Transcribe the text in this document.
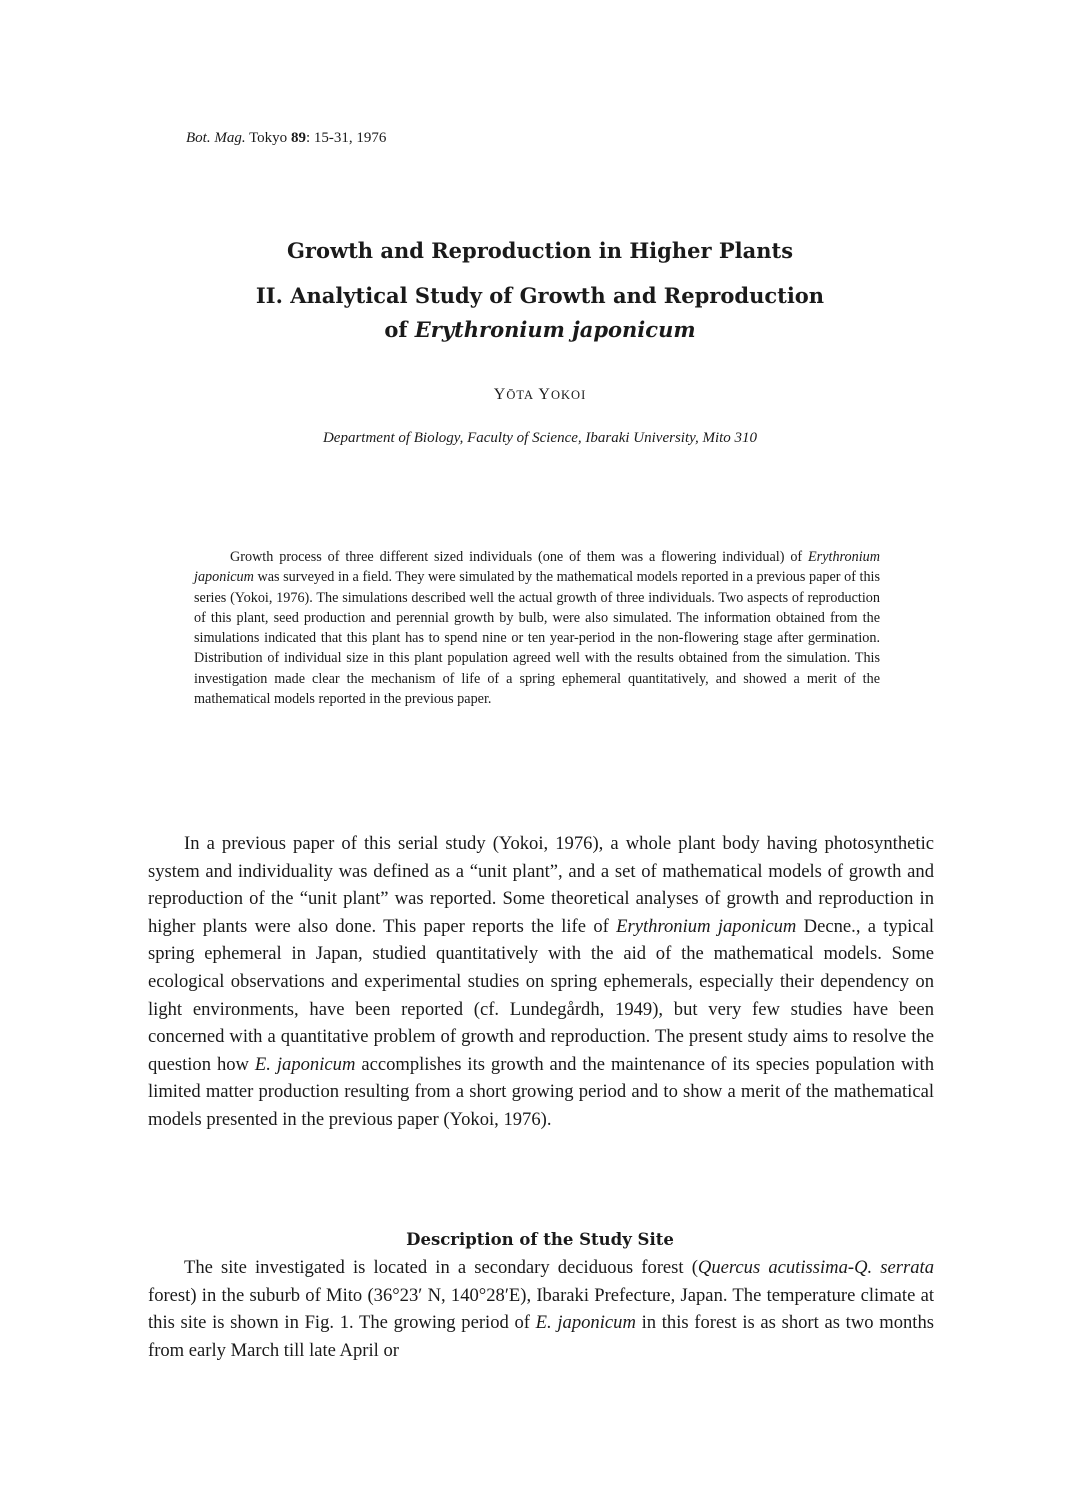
Bot. Mag. Tokyo 89: 15-31, 1976
Growth and Reproduction in Higher Plants
II. Analytical Study of Growth and Reproduction
of Erythronium japonicum
YŌTA YOKOI
Department of Biology, Faculty of Science, Ibaraki University, Mito 310

Growth process of three different sized individuals (one of them was a flowering individual) of Erythronium japonicum was surveyed in a field. They were simulated by the mathematical models reported in a previous paper of this series (Yokoi, 1976). The simulations described well the actual growth of three individuals. Two aspects of reproduction of this plant, seed production and perennial growth by bulb, were also simulated. The information obtained from the simulations indicated that this plant has to spend nine or ten year-period in the non-flowering stage after germination. Distribution of individual size in this plant population agreed well with the results obtained from the simulation. This investigation made clear the mechanism of life of a spring ephemeral quantitatively, and showed a merit of the mathematical models reported in the previous paper.

In a previous paper of this serial study (Yokoi, 1976), a whole plant body having photosynthetic system and individuality was defined as a “unit plant”, and a set of mathematical models of growth and reproduction of the “unit plant” was reported. Some theoretical analyses of growth and reproduction in higher plants were also done. This paper reports the life of Erythronium japonicum Decne., a typical spring ephemeral in Japan, studied quantitatively with the aid of the mathematical models. Some ecological observations and experimental studies on spring ephemerals, especially their dependency on light environments, have been reported (cf. Lundegårdh, 1949), but very few studies have been concerned with a quantitative problem of growth and reproduction. The present study aims to resolve the question how E. japonicum accomplishes its growth and the maintenance of its species population with limited matter production resulting from a short growing period and to show a merit of the mathematical models presented in the previous paper (Yokoi, 1976).

Description of the Study Site

The site investigated is located in a secondary deciduous forest (Quercus acutissima-Q. serrata forest) in the suburb of Mito (36°23′ N, 140°28′E), Ibaraki Prefecture, Japan. The temperature climate at this site is shown in Fig. 1. The growing period of E. japonicum in this forest is as short as two months from early March till late April or
